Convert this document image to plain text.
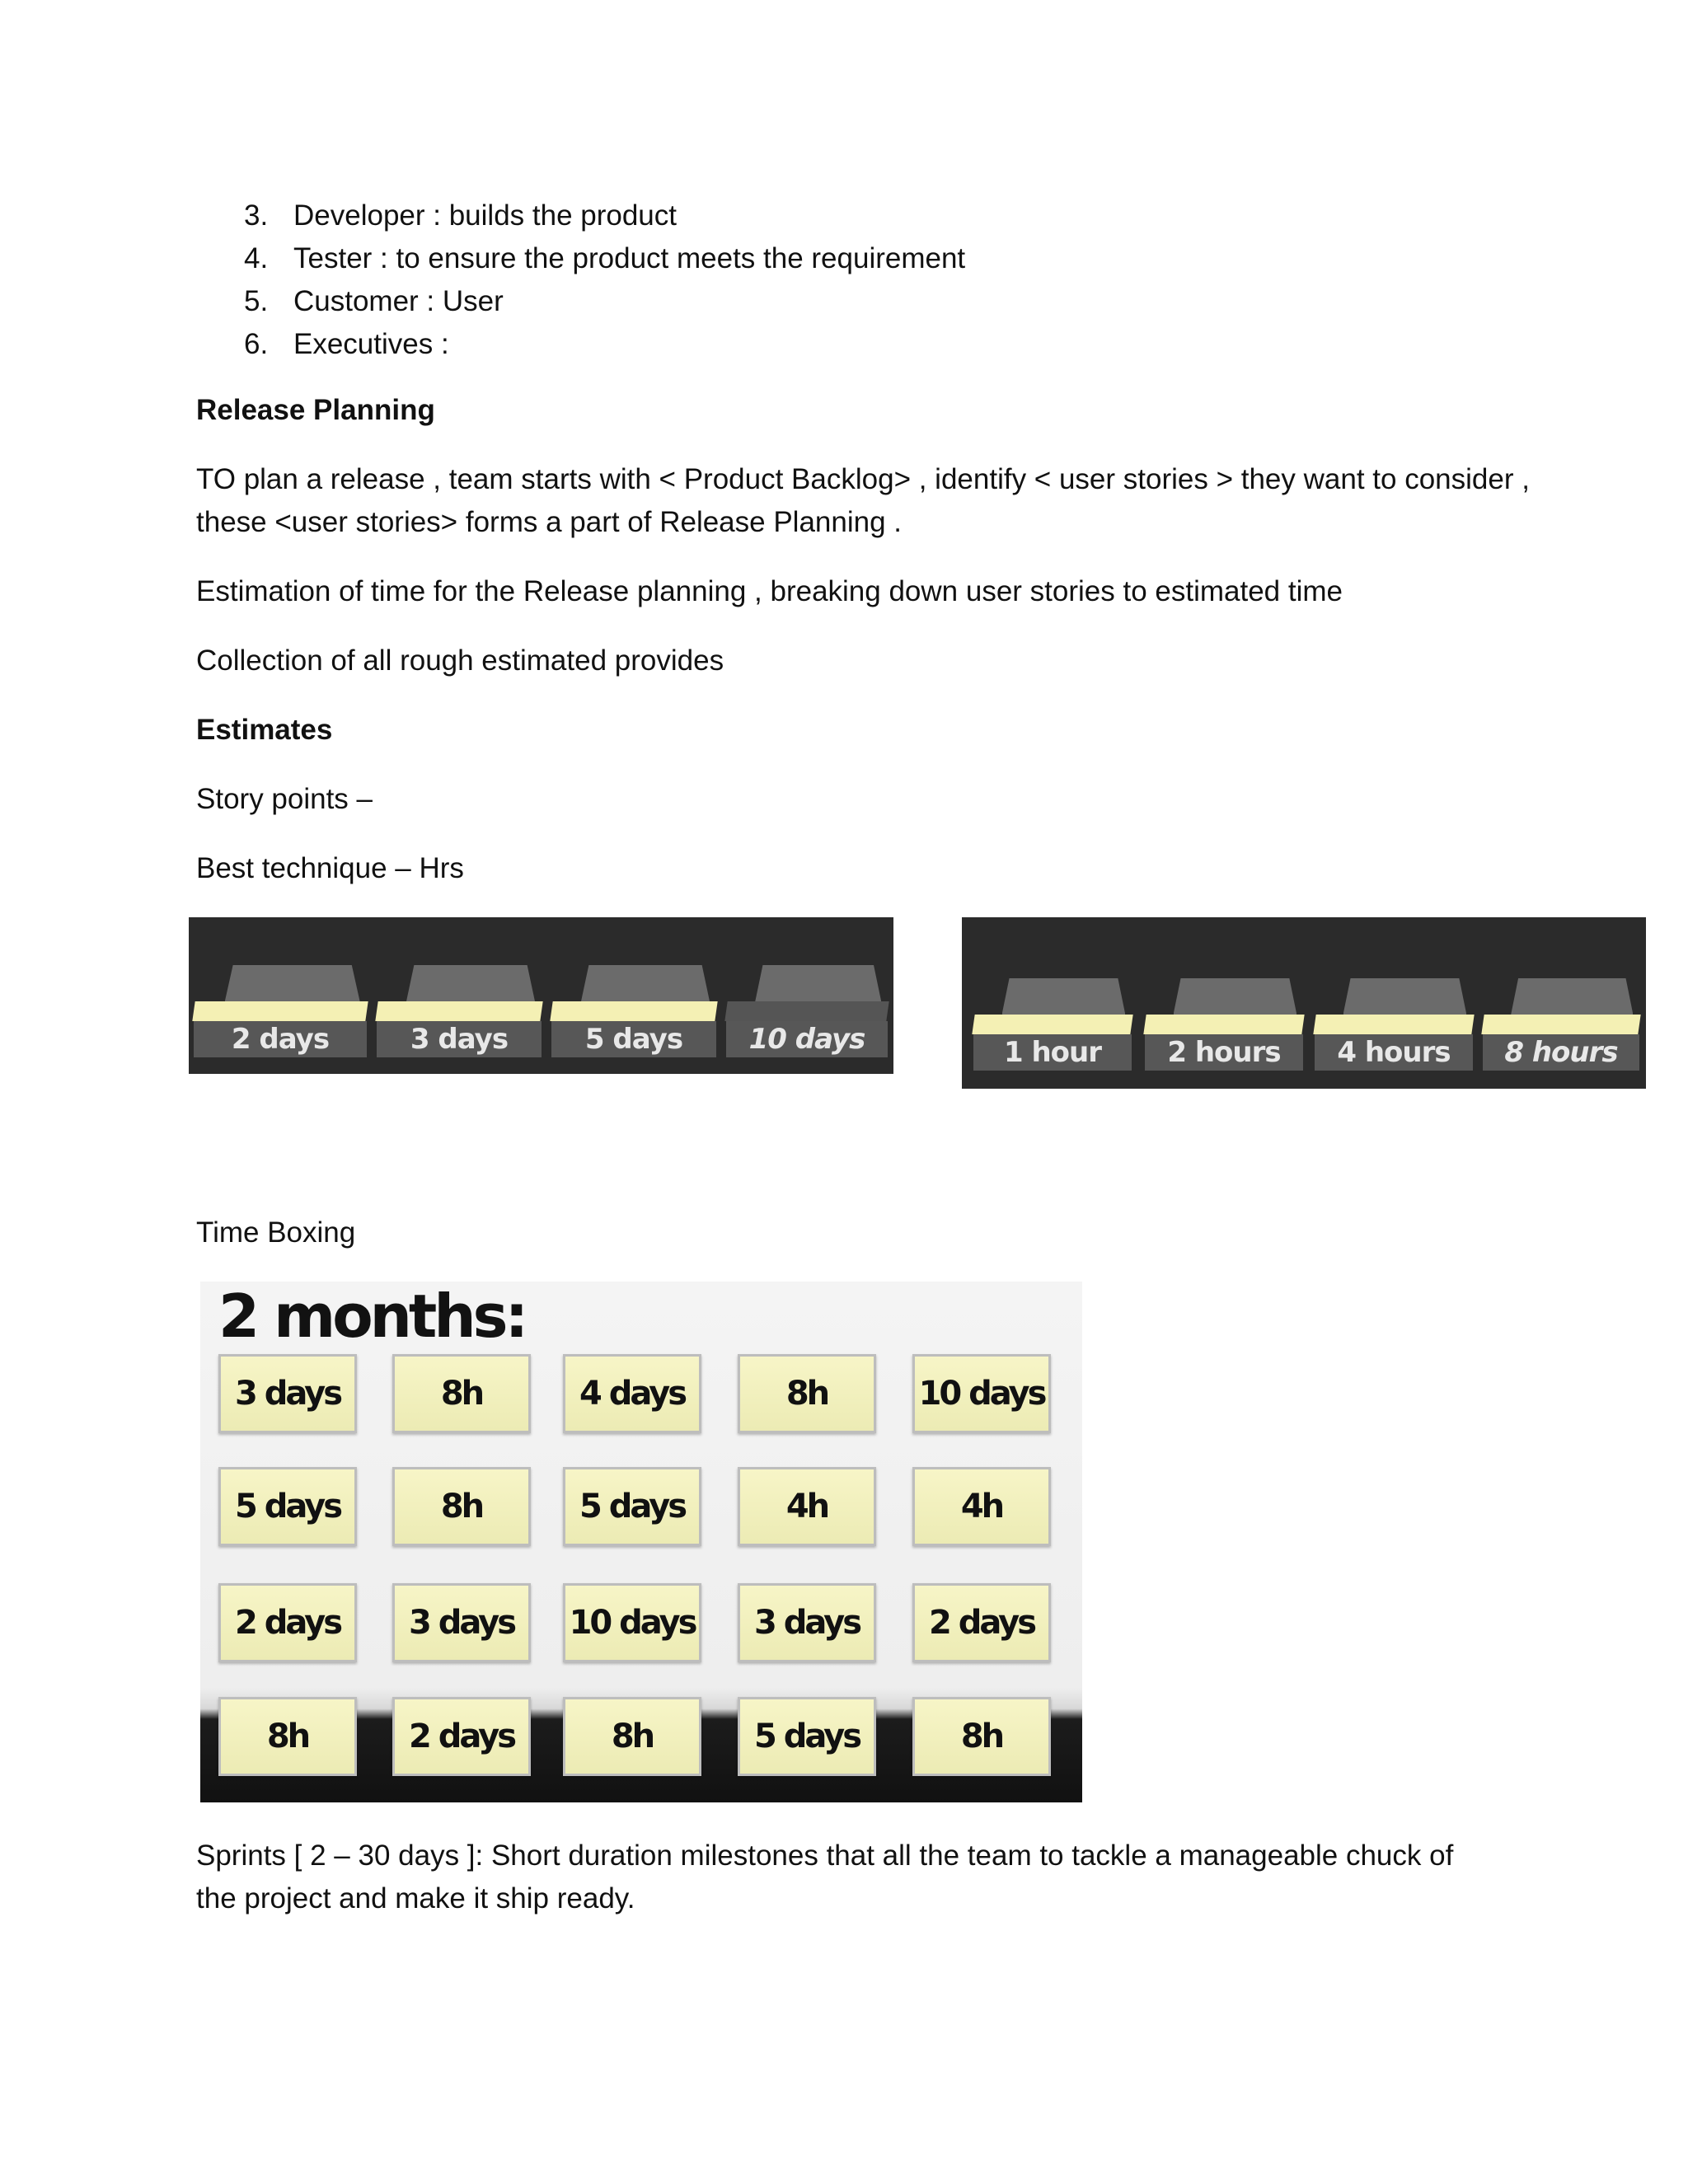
3. Developer : builds the product
4. Tester : to ensure the product meets the requirement
5. Customer : User
6. Executives :
Release Planning
TO plan a release , team starts with < Product Backlog> , identify < user stories > they want to consider ,
these <user stories> forms a part of Release Planning .
Estimation of time for the Release planning , breaking down user stories to estimated time
Collection of all rough estimated provides
Estimates
Story points –
Best technique – Hrs
2 days	3 days	5 days	10 days	1 hour	2 hours	4 hours	8 hours
Time Boxing
2 months:
3 days	8h	4 days	8h	10 days
5 days	8h	5 days	4h	4h
2 days	3 days	10 days	3 days	2 days
8h	2 days	8h	5 days	8h
Sprints [ 2 – 30 days ]: Short duration milestones that all the team to tackle a manageable chuck of
the project and make it ship ready.
